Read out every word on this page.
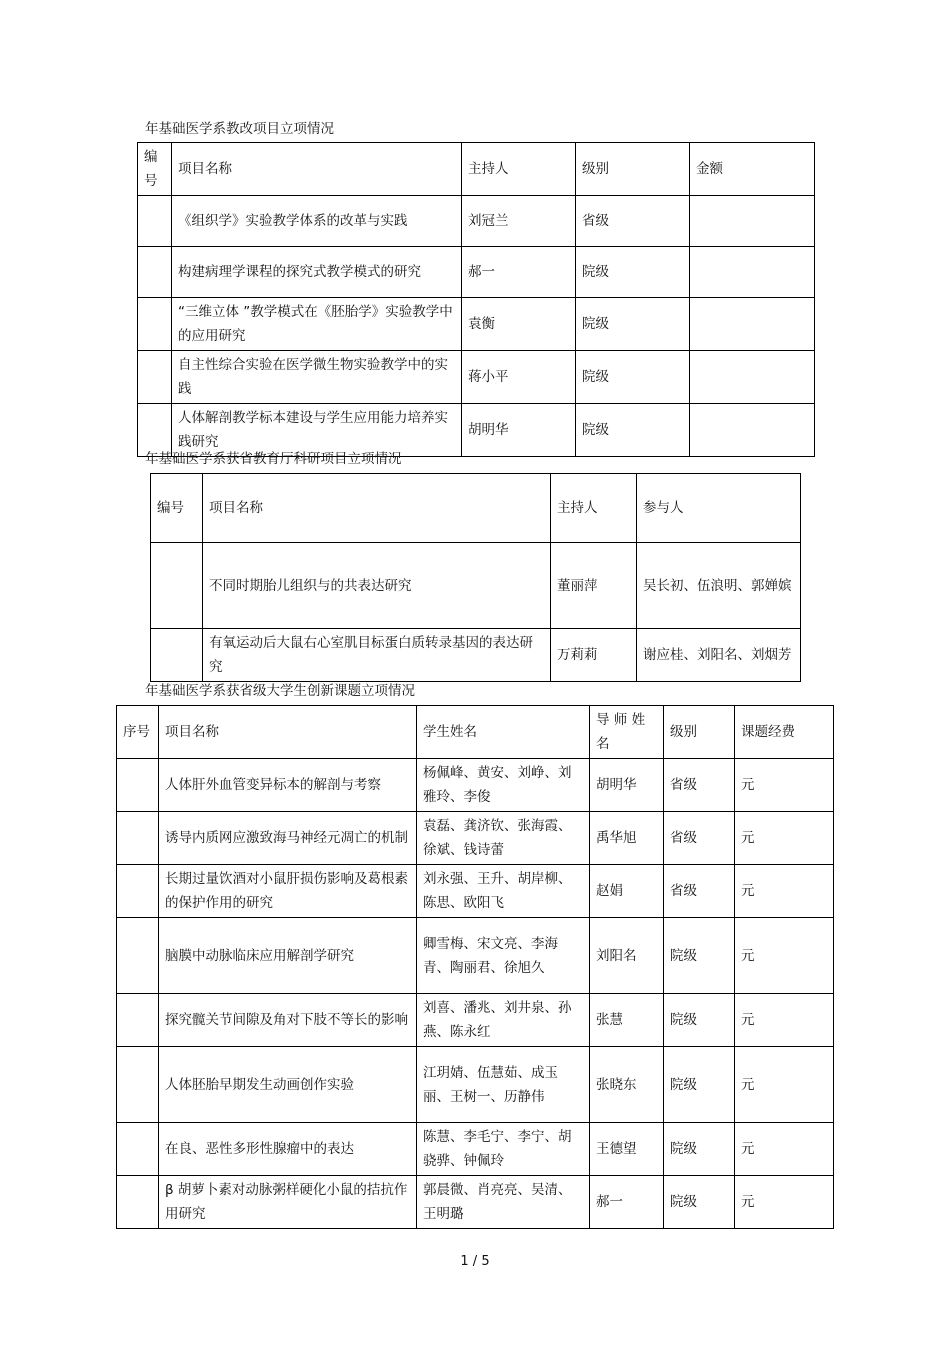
年基础医学系教改项目立项情况
编号	项目名称	主持人	级别	金额
	《组织学》实验教学体系的改革与实践	刘冠兰	省级	
	构建病理学课程的探究式教学模式的研究	郝一	院级	
	“三维立体 ”教学模式在《胚胎学》实验教学中的应用研究	袁衡	院级	
	自主性综合实验在医学微生物实验教学中的实践	蒋小平	院级	
	人体解剖教学标本建设与学生应用能力培养实践研究	胡明华	院级	
年基础医学系获省教育厅科研项目立项情况
编号	项目名称	主持人	参与人
	不同时期胎儿组织与的共表达研究	董丽萍	吴长初、伍浪明、郭婵嫔
	有氧运动后大鼠右心室肌目标蛋白质转录基因的表达研究	万莉莉	谢应桂、刘阳名、刘烟芳
年基础医学系获省级大学生创新课题立项情况
序号	项目名称	学生姓名	导 师 姓名	级别	课题经费
	人体肝外血管变异标本的解剖与考察	杨佩峰、黄安、刘峥、刘雅玲、李俊	胡明华	省级	元
	诱导内质网应激致海马神经元凋亡的机制	袁磊、龚济钦、张海霞、徐斌、钱诗蕾	禹华旭	省级	元
	长期过量饮酒对小鼠肝损伤影响及葛根素的保护作用的研究	刘永强、王升、胡岸柳、陈思、欧阳飞	赵娟	省级	元
	脑膜中动脉临床应用解剖学研究	卿雪梅、宋文亮、李海青、陶丽君、徐旭久	刘阳名	院级	元
	探究髋关节间隙及角对下肢不等长的影响	刘喜、潘兆、刘井泉、孙燕、陈永红	张慧	院级	元
	人体胚胎早期发生动画创作实验	江玥婧、伍慧茹、成玉丽、王树一、历静伟	张晓东	院级	元
	在良、恶性多形性腺瘤中的表达	陈慧、李毛宁、李宁、胡骁骅、钟佩玲	王德望	院级	元
	β 胡萝卜素对动脉粥样硬化小鼠的拮抗作用研究	郭晨微、肖亮亮、吴清、王明璐	郝一	院级	元
1 / 5
